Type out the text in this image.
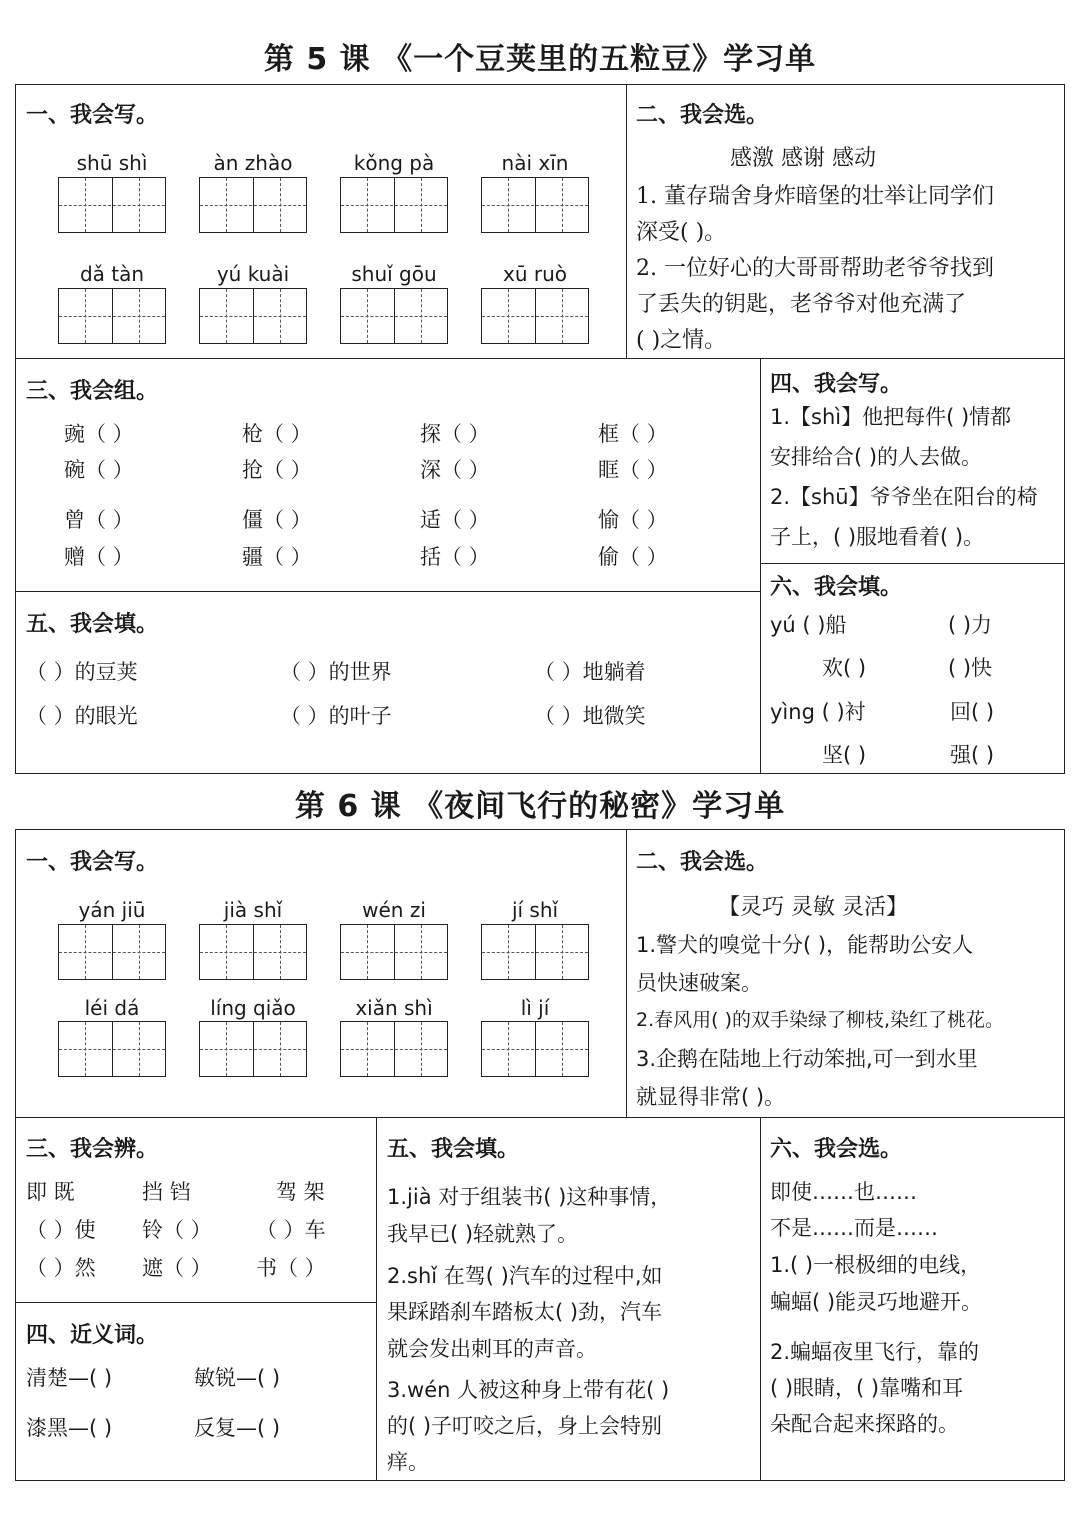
第 5 课 《一个豆荚里的五粒豆》学习单
一、我会写。
shū shì	àn zhào	kǒng pà	nài xīn
dǎ tàn	yú kuài	shuǐ gōu	xū ruò
二、我会选。
感激 感谢 感动
1. 董存瑞舍身炸暗堡的壮举让同学们
深受( )。
2. 一位好心的大哥哥帮助老爷爷找到
了丢失的钥匙，老爷爷对他充满了
( )之情。
三、我会组。
豌（ ）	枪（ ）	探（ ）	框（ ）
碗（ ）	抢（ ）	深（ ）	眶（ ）
曾（ ）	僵（ ）	适（ ）	愉（ ）
赠（ ）	疆（ ）	括（ ）	偷（ ）
四、我会写。
1.【shì】他把每件( )情都
安排给合( )的人去做。
2.【shū】爷爷坐在阳台的椅
子上，( )服地看着( )。
五、我会填。
（ ）的豆荚	（ ）的世界	（ ）地躺着
（ ）的眼光	（ ）的叶子	（ ）地微笑
六、我会填。
yú ( )船	( )力
欢( )	( )快
yìng ( )衬	回( )
坚( )	强( )
第 6 课 《夜间飞行的秘密》学习单
一、我会写。
yán jiū	jià shǐ	wén zi	jí shǐ
léi dá	líng qiǎo	xiǎn shì	lì jí
二、我会选。
【灵巧 灵敏 灵活】
1.警犬的嗅觉十分( )，能帮助公安人
员快速破案。
2.春风用( )的双手染绿了柳枝,染红了桃花。
3.企鹅在陆地上行动笨拙,可一到水里
就显得非常( )。
三、我会辨。
即 既	挡 铛	驾 架
（ ）使 铃（ ） （ ）车
（ ）然 遮（ ） 书（ ）
四、近义词。
清楚—( )	敏锐—( )
漆黑—( )	反复—( )
五、我会填。
1.jià 对于组装书( )这种事情，
我早已( )轻就熟了。
2.shǐ 在驾( )汽车的过程中,如
果踩踏刹车踏板太( )劲，汽车
就会发出刺耳的声音。
3.wén 人被这种身上带有花( )
的( )子叮咬之后，身上会特别
痒。
六、我会选。
即使……也……
不是……而是……
1.( )一根极细的电线，
蝙蝠( )能灵巧地避开。
2.蝙蝠夜里飞行，靠的
( )眼睛，( )靠嘴和耳
朵配合起来探路的。
